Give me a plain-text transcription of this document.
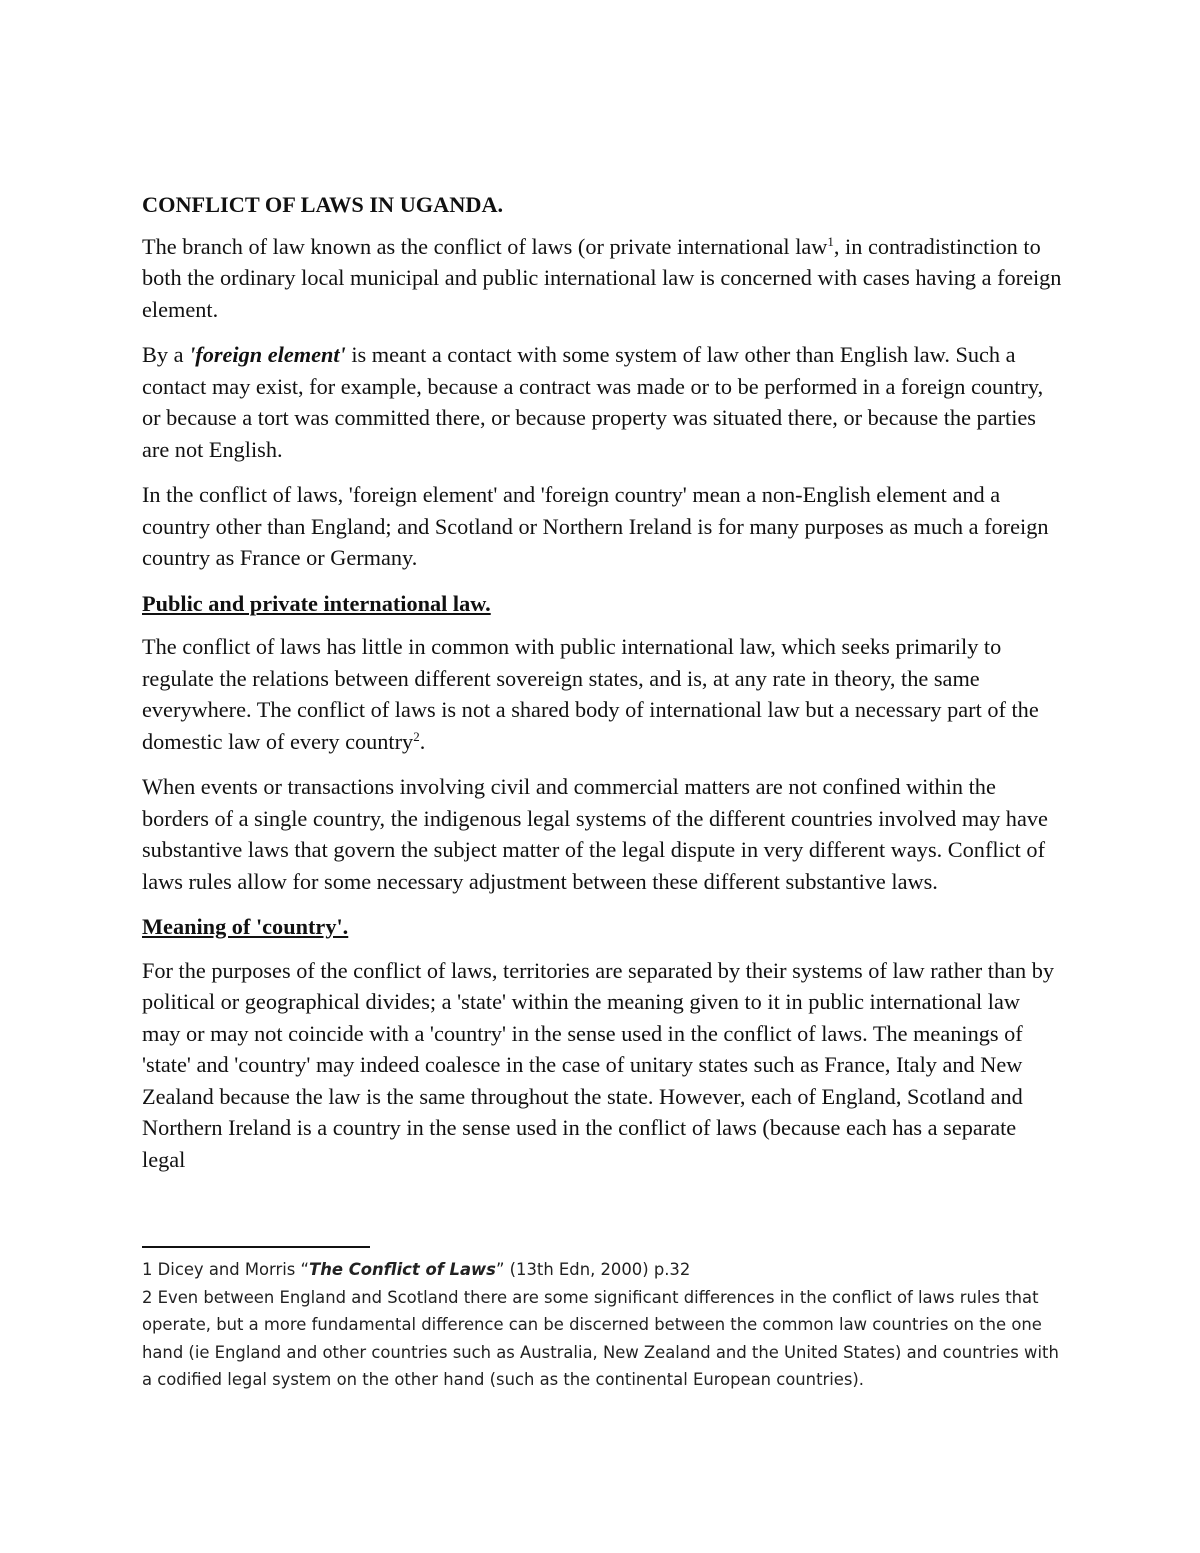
CONFLICT OF LAWS IN UGANDA.

The branch of law known as the conflict of laws (or private international law$^1$, in contradistinction to both the ordinary local municipal and public international law is concerned with cases having a foreign element.

By a 'foreign element' is meant a contact with some system of law other than English law. Such a contact may exist, for example, because a contract was made or to be performed in a foreign country, or because a tort was committed there, or because property was situated there, or because the parties are not English.

In the conflict of laws, 'foreign element' and 'foreign country' mean a non-English element and a country other than England; and Scotland or Northern Ireland is for many purposes as much a foreign country as France or Germany.

Public and private international law.

The conflict of laws has little in common with public international law, which seeks primarily to regulate the relations between different sovereign states, and is, at any rate in theory, the same everywhere. The conflict of laws is not a shared body of international law but a necessary part of the domestic law of every country$^2$.

When events or transactions involving civil and commercial matters are not confined within the borders of a single country, the indigenous legal systems of the different countries involved may have substantive laws that govern the subject matter of the legal dispute in very different ways. Conflict of laws rules allow for some necessary adjustment between these different substantive laws.

Meaning of 'country'.

For the purposes of the conflict of laws, territories are separated by their systems of law rather than by political or geographical divides; a 'state' within the meaning given to it in public international law may or may not coincide with a 'country' in the sense used in the conflict of laws. The meanings of 'state' and 'country' may indeed coalesce in the case of unitary states such as France, Italy and New Zealand because the law is the same throughout the state. However, each of England, Scotland and Northern Ireland is a country in the sense used in the conflict of laws (because each has a separate legal

1 Dicey and Morris “The Conflict of Laws” (13th Edn, 2000) p.32

2 Even between England and Scotland there are some significant differences in the conflict of laws rules that operate, but a more fundamental difference can be discerned between the common law countries on the one hand (ie England and other countries such as Australia, New Zealand and the United States) and countries with a codified legal system on the other hand (such as the continental European countries).
